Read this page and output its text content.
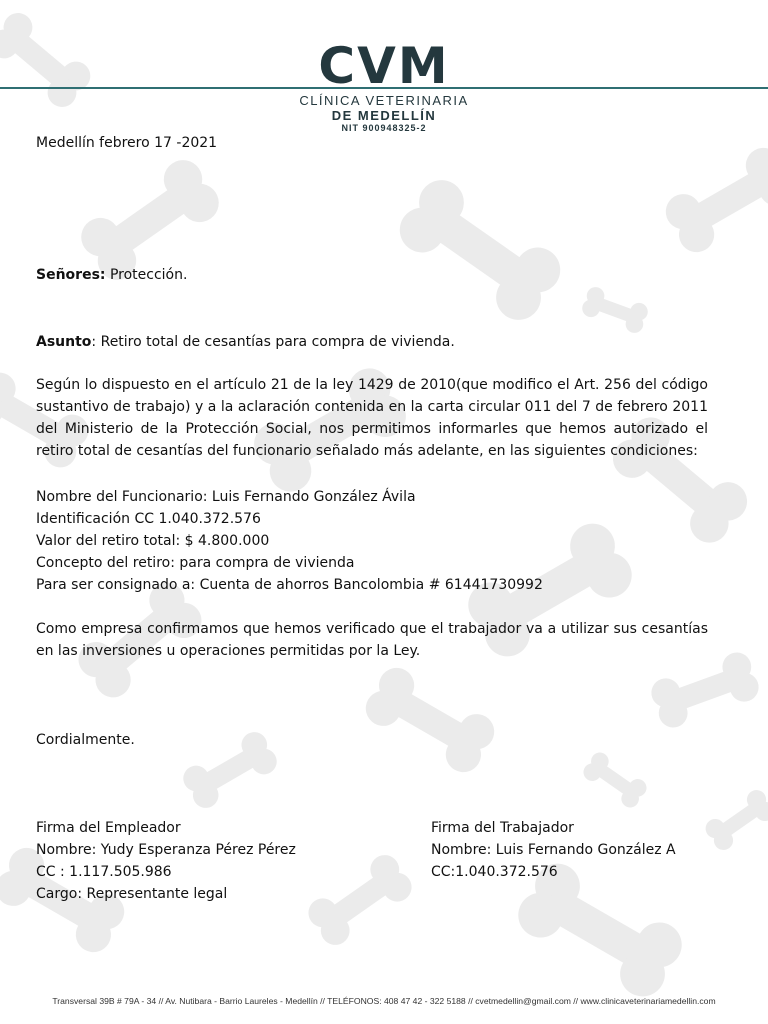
CVM
CLÍNICA VETERINARIA
DE MEDELLÍN
NIT 900948325-2
Medellín febrero 17 -2021
Señores: Protección.
Asunto: Retiro total de cesantías para compra de vivienda.
Según lo dispuesto en el artículo 21 de la ley 1429 de 2010(que modifico el Art. 256 del código sustantivo de trabajo) y a la aclaración contenida en la carta circular 011 del 7 de febrero 2011 del Ministerio de la Protección Social, nos permitimos informarles que hemos autorizado el retiro total de cesantías del funcionario señalado más adelante, en las siguientes condiciones:
Nombre del Funcionario: Luis Fernando González Ávila
Identificación CC 1.040.372.576
Valor del retiro total: $ 4.800.000
Concepto del retiro: para compra de vivienda
Para ser consignado a: Cuenta de ahorros Bancolombia # 61441730992
Como empresa confirmamos que hemos verificado que el trabajador va a utilizar sus cesantías en las inversiones u operaciones permitidas por la Ley.
Cordialmente.
Firma del Empleador
Nombre: Yudy Esperanza Pérez Pérez
CC : 1.117.505.986
Cargo: Representante legal
Firma del Trabajador
Nombre: Luis Fernando González A
CC:1.040.372.576
Transversal 39B # 79A - 34 // Av. Nutibara - Barrio Laureles - Medellín // TELÉFONOS: 408 47 42 - 322 5188 // cvetmedellin@gmail.com // www.clinicaveterinariamedellin.com
